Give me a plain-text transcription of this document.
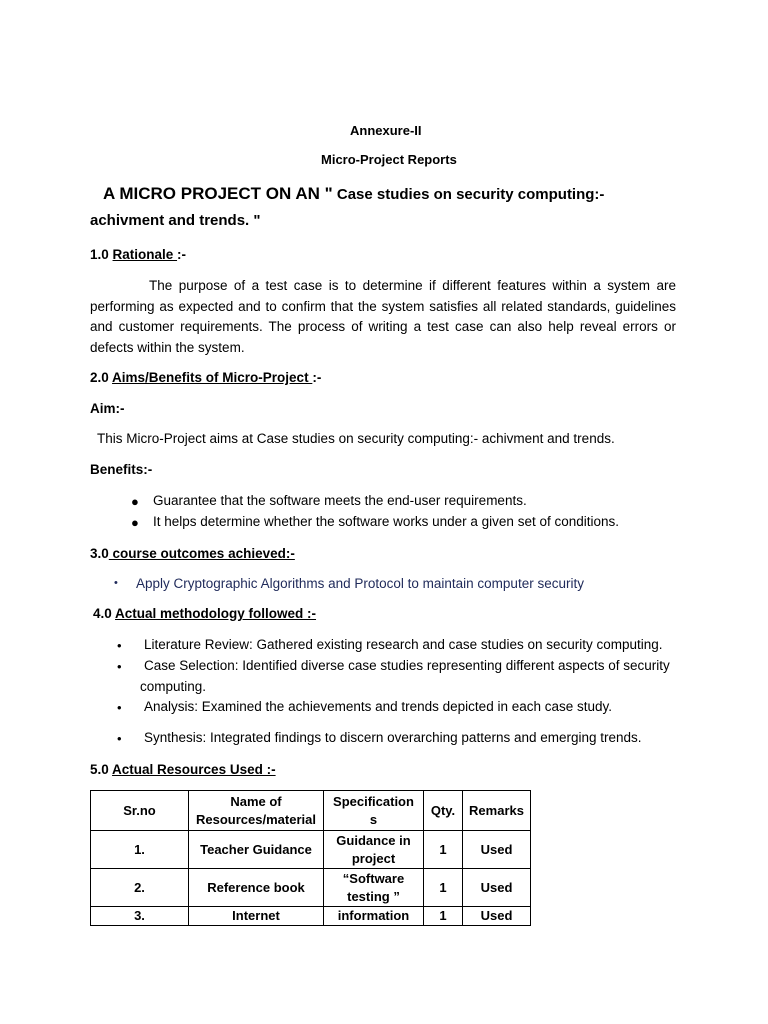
Annexure-II
Micro-Project Reports
A MICRO PROJECT ON AN " Case studies on security computing:-
achivment and trends. "
1.0 Rationale :-

The purpose of a test case is to determine if different features within a system are performing as expected and to confirm that the system satisfies all related standards, guidelines and customer requirements. The process of writing a test case can also help reveal errors or defects within the system.

2.0 Aims/Benefits of Micro-Project :-
Aim:-
This Micro-Project aims at Case studies on security computing:- achivment and trends.
Benefits:-
● Guarantee that the software meets the end-user requirements.
● It helps determine whether the software works under a given set of conditions.
3.0 course outcomes achieved:-
• Apply Cryptographic Algorithms and Protocol to maintain computer security
4.0 Actual methodology followed :-
• Literature Review: Gathered existing research and case studies on security computing.
• Case Selection: Identified diverse case studies representing different aspects of security
computing.
• Analysis: Examined the achievements and trends depicted in each case study.
• Synthesis: Integrated findings to discern overarching patterns and emerging trends.
5.0 Actual Resources Used :-
Sr.no	Name of Resources/material	Specification s	Qty.	Remarks
1.	Teacher Guidance	Guidance in project	1	Used
2.	Reference book	“Software testing ”	1	Used
3.	Internet	information	1	Used
